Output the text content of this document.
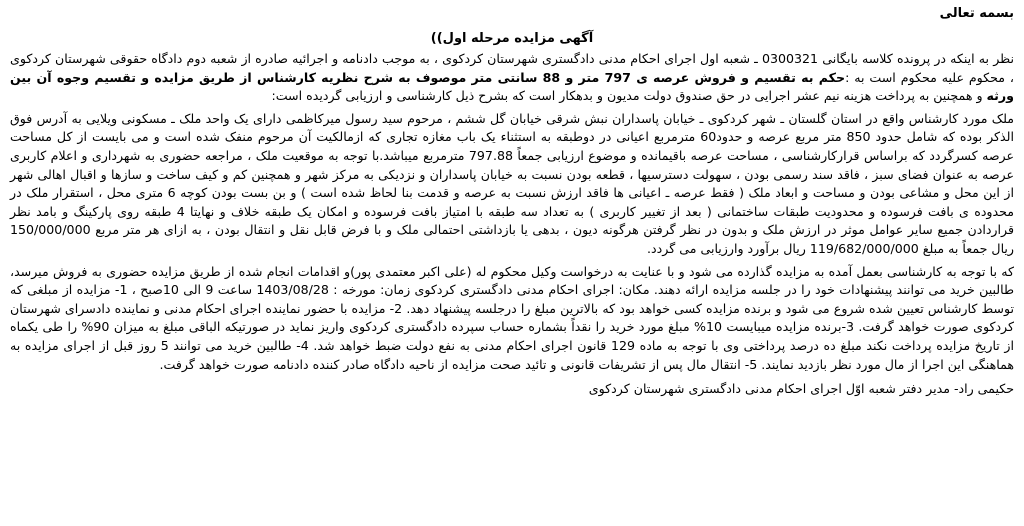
بسمه تعالی
آگهی مزایده مرحله اول))

نظر به اینکه در پرونده کلاسه بایگانی 0300321 ـ شعبه اول اجرای احکام مدنی دادگستری شهرستان کردکوی ، به موجب دادنامه و اجرائیه صادره از شعبه دوم دادگاه حقوقی شهرستان کردکوی ، محکوم علیه محکوم است به :حکم به تقسیم و فروش عرصه ی 797 متر و 88 سانتی متر موصوف به شرح نظریه کارشناس از طریق مزایده و تقسیم وجوه آن بین ورثه و همچنین به پرداخت هزینه نیم عشر اجرایی در حق صندوق دولت مدیون و بدهکار است که بشرح ذیل کارشناسی و ارزیابی گردیده است:

ملک مورد کارشناس واقع در استان گلستان ـ شهر کردکوی ـ خیابان پاسداران نبش شرقی خیابان گل ششم ، مرحوم سید رسول میرکاظمی دارای یک واحد ملک ـ مسکونی ویلایی به آدرس فوق الذکر بوده که شامل حدود 850 متر مربع عرصه و حدود60 مترمربع اعیانی در دوطبقه به استثناء یک باب مغازه تجاری که ازمالکیت آن مرحوم منفک شده است و می بایست از کل مساحت عرصه کسرگردد که براساس قرارکارشناسی ، مساحت عرصه باقیمانده و موضوع ارزیابی جمعاً 797.88 مترمربع میباشد.با توجه به موقعیت ملک ، مراجعه حضوری به شهرداری و اعلام کاربری عرصه به عنوان فضای سبز ، فاقد سند رسمی بودن ، سهولت دسترسیها ، قطعه بودن نسبت به خیابان پاسداران و نزدیکی به مرکز شهر و همچنین کم و کیف ساخت و سازها و اقبال اهالی شهر از این محل و مشاعی بودن و مساحت و ابعاد ملک ( فقط عرصه ـ اعیانی ها فاقد ارزش نسبت به عرصه و قدمت بنا لحاظ شده است ) و بن بست بودن کوچه 6 متری محل ، استقرار ملک در محدوده ی بافت فرسوده و محدودیت طبقات ساختمانی ( بعد از تغییر کاربری ) به تعداد سه طبقه با امتیاز بافت فرسوده و امکان یک طبقه خلاف و نهایتا 4 طبقه روی پارکینگ و بامد نظر قراردادن جمیع سایر عوامل موثر در ارزش ملک و بدون در نظر گرفتن هرگونه دیون ، بدهی یا بازداشتی احتمالی ملک و با فرض قابل نقل و انتقال بودن ، به ازای هر متر مربع 150/000/000 ریال جمعاً به مبلغ 119/682/000/000 ریال برآورد وارزیابی می گردد.

که با توجه به کارشناسی بعمل آمده به مزایده گذارده می شود و با عنایت به درخواست وکیل محکوم له (علی اکبر معتمدی پور)و اقدامات انجام شده از طریق مزایده حضوری به فروش میرسد، طالبین خرید می توانند پیشنهادات خود را در جلسه مزایده ارائه دهند. مکان: اجرای احکام مدنی دادگستری کردکوی زمان: مورخه : 1403/08/28 ساعت 9 الی 10صبح ، 1- مزایده از مبلغی که توسط کارشناس تعیین شده شروع می شود و برنده مزایده کسی خواهد بود که بالاترین مبلغ را درجلسه پیشنهاد دهد. 2- مزایده با حضور نماینده اجرای احکام مدنی و نماینده دادسرای شهرستان کردکوی صورت خواهد گرفت. 3-برنده مزایده میبایست 10% مبلغ مورد خرید را نقداً بشماره حساب سپرده دادگستری کردکوی واریز نماید در صورتیکه الباقی مبلغ به میزان 90% را طی یکماه از تاریخ مزایده پرداخت نکند مبلغ ده درصد پرداختی وی با توجه به ماده 129 قانون اجرای احکام مدنی به نفع دولت ضبط خواهد شد. 4- طالبین خرید می توانند 5 روز قبل از اجرای مزایده به هماهنگی این اجرا از مال مورد نظر بازدید نمایند. 5- انتقال مال پس از تشریفات قانونی و تائید صحت مزایده از ناحیه دادگاه صادر کننده دادنامه صورت خواهد گرفت.

حکیمی راد- مدیر دفتر شعبه اوّل اجرای احکام مدنی دادگستری شهرستان کردکوی
